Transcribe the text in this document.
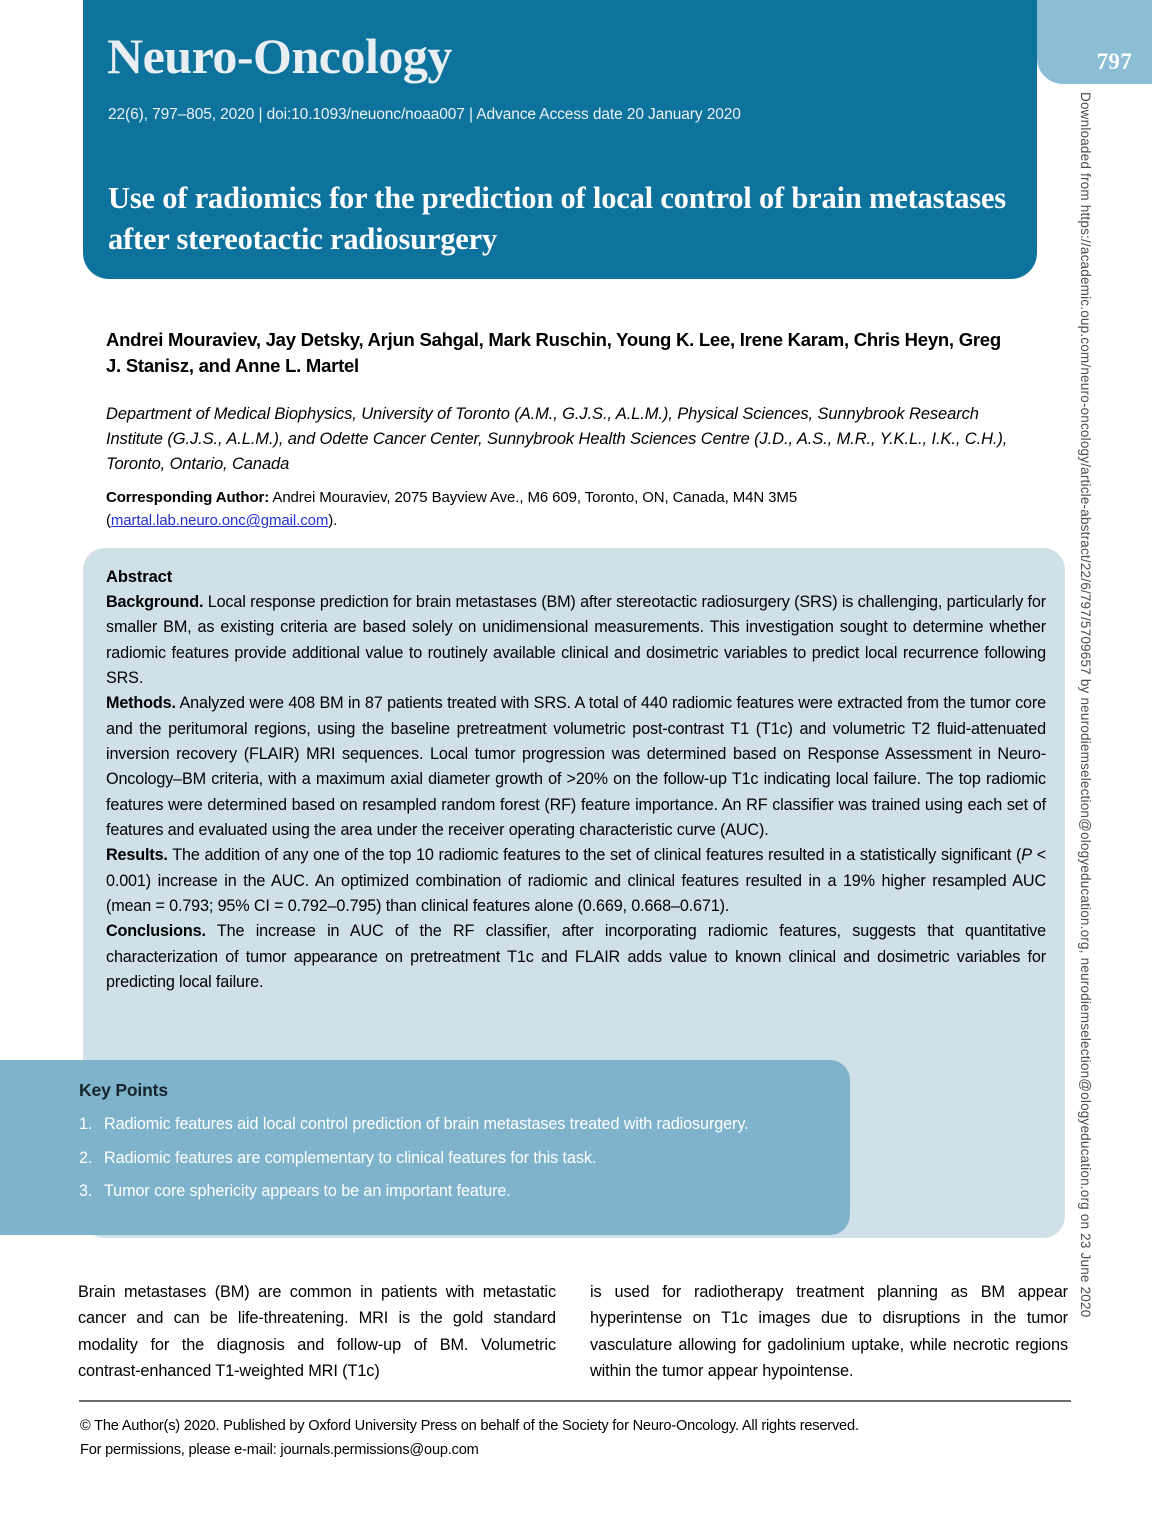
Neuro-Oncology
22(6), 797–805, 2020 | doi:10.1093/neuonc/noaa007 | Advance Access date 20 January 2020
Use of radiomics for the prediction of local control of brain metastases after stereotactic radiosurgery
797
Downloaded from https://academic.oup.com/neuro-oncology/article-abstract/22/6/797/5709657 by neurodiemselection@ologyeducation.org, neurodiemselection@ologyeducation.org on 23 June 2020
Andrei Mouraviev, Jay Detsky, Arjun Sahgal, Mark Ruschin, Young K. Lee, Irene Karam, Chris Heyn, Greg J. Stanisz, and Anne L. Martel
Department of Medical Biophysics, University of Toronto (A.M., G.J.S., A.L.M.), Physical Sciences, Sunnybrook Research Institute (G.J.S., A.L.M.), and Odette Cancer Center, Sunnybrook Health Sciences Centre (J.D., A.S., M.R., Y.K.L., I.K., C.H.), Toronto, Ontario, Canada
Corresponding Author: Andrei Mouraviev, 2075 Bayview Ave., M6 609, Toronto, ON, Canada, M4N 3M5 (martal.lab.neuro.onc@gmail.com).
Abstract

Background. Local response prediction for brain metastases (BM) after stereotactic radiosurgery (SRS) is challenging, particularly for smaller BM, as existing criteria are based solely on unidimensional measurements. This investigation sought to determine whether radiomic features provide additional value to routinely available clinical and dosimetric variables to predict local recurrence following SRS.

Methods. Analyzed were 408 BM in 87 patients treated with SRS. A total of 440 radiomic features were extracted from the tumor core and the peritumoral regions, using the baseline pretreatment volumetric post-contrast T1 (T1c) and volumetric T2 fluid-attenuated inversion recovery (FLAIR) MRI sequences. Local tumor progression was determined based on Response Assessment in Neuro-Oncology–BM criteria, with a maximum axial diameter growth of >20% on the follow-up T1c indicating local failure. The top radiomic features were determined based on resampled random forest (RF) feature importance. An RF classifier was trained using each set of features and evaluated using the area under the receiver operating characteristic curve (AUC).

Results. The addition of any one of the top 10 radiomic features to the set of clinical features resulted in a statistically significant (P < 0.001) increase in the AUC. An optimized combination of radiomic and clinical features resulted in a 19% higher resampled AUC (mean = 0.793; 95% CI = 0.792–0.795) than clinical features alone (0.669, 0.668–0.671).

Conclusions. The increase in AUC of the RF classifier, after incorporating radiomic features, suggests that quantitative characterization of tumor appearance on pretreatment T1c and FLAIR adds value to known clinical and dosimetric variables for predicting local failure.

Key Points
1. Radiomic features aid local control prediction of brain metastases treated with radiosurgery.
2. Radiomic features are complementary to clinical features for this task.
3. Tumor core sphericity appears to be an important feature.

Brain metastases (BM) are common in patients with metastatic cancer and can be life-threatening. MRI is the gold standard modality for the diagnosis and follow-up of BM. Volumetric contrast-enhanced T1-weighted MRI (T1c)

is used for radiotherapy treatment planning as BM appear hyperintense on T1c images due to disruptions in the tumor vasculature allowing for gadolinium uptake, while necrotic regions within the tumor appear hypointense.

© The Author(s) 2020. Published by Oxford University Press on behalf of the Society for Neuro-Oncology. All rights reserved.
For permissions, please e-mail: journals.permissions@oup.com
